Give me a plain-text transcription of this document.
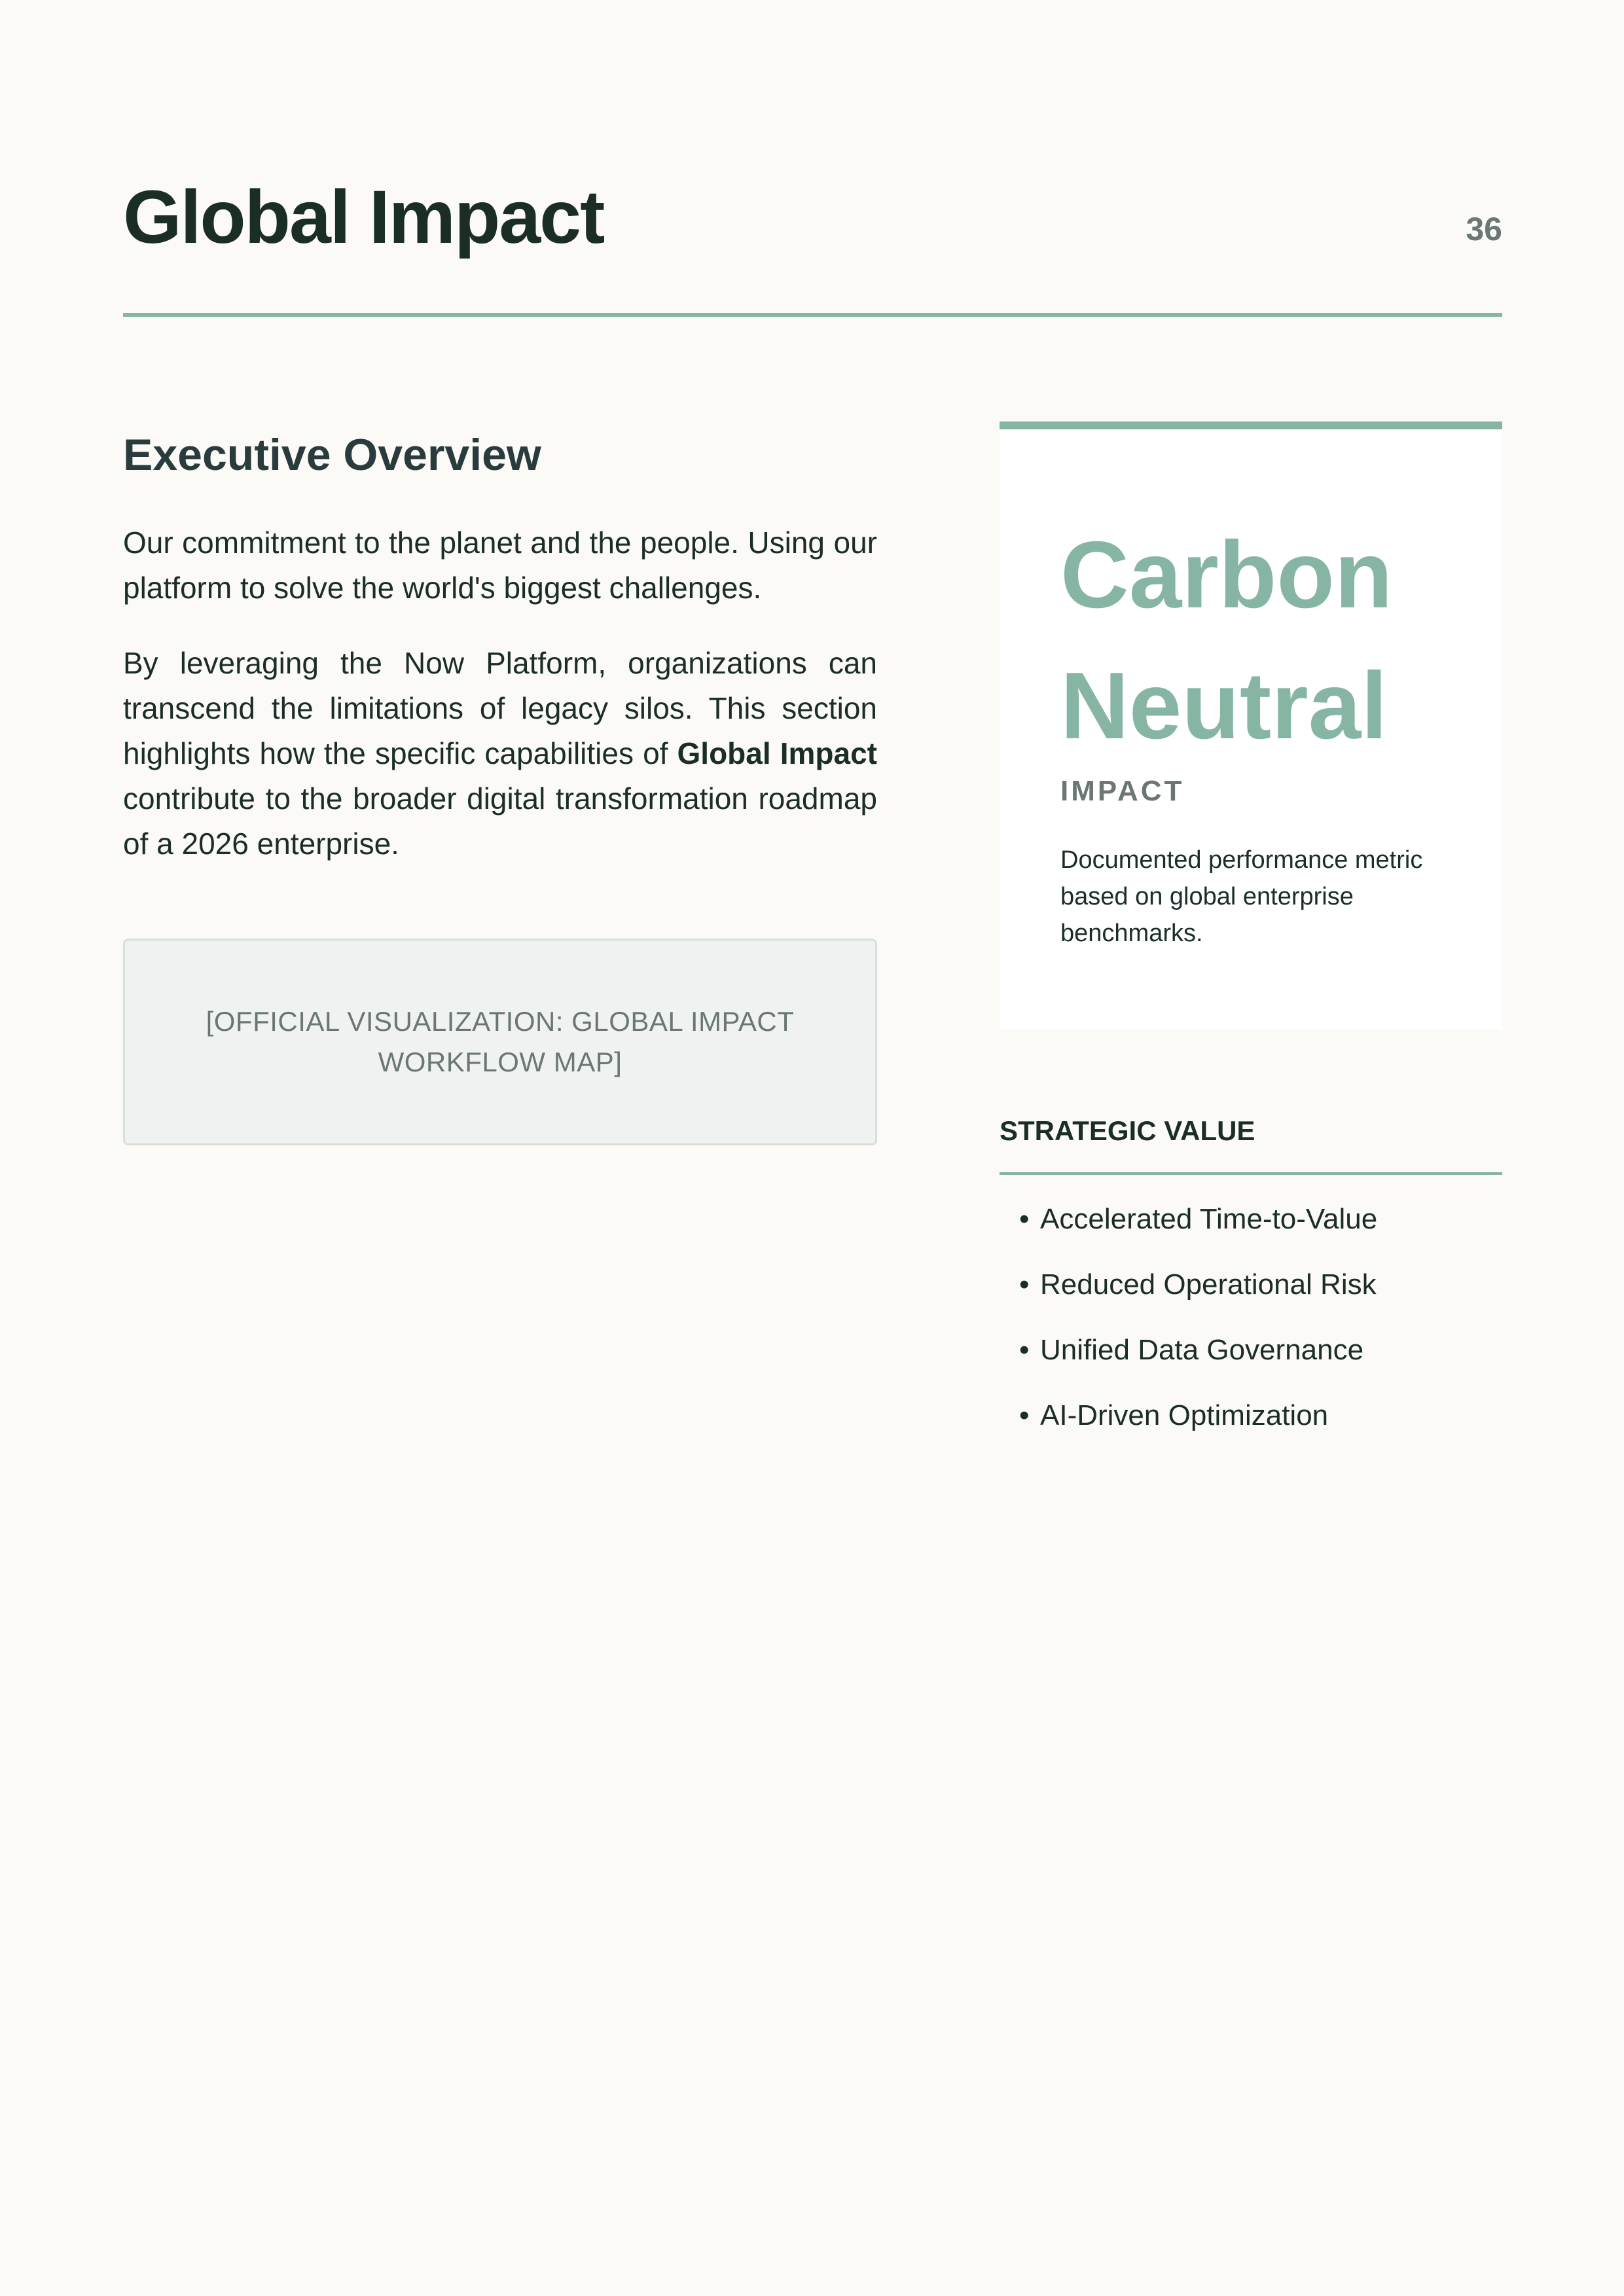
Global Impact	36
Executive Overview

Our commitment to the planet and the people. Using our platform to solve the world's biggest challenges.

By leveraging the Now Platform, organizations can transcend the limitations of legacy silos. This section highlights how the specific capabilities of Global Impact contribute to the broader digital transformation roadmap of a 2026 enterprise.

[OFFICIAL VISUALIZATION: GLOBAL IMPACT WORKFLOW MAP]
Carbon Neutral
IMPACT
Documented performance metric based on global enterprise benchmarks.
STRATEGIC VALUE
• Accelerated Time-to-Value
• Reduced Operational Risk
• Unified Data Governance
• AI-Driven Optimization
